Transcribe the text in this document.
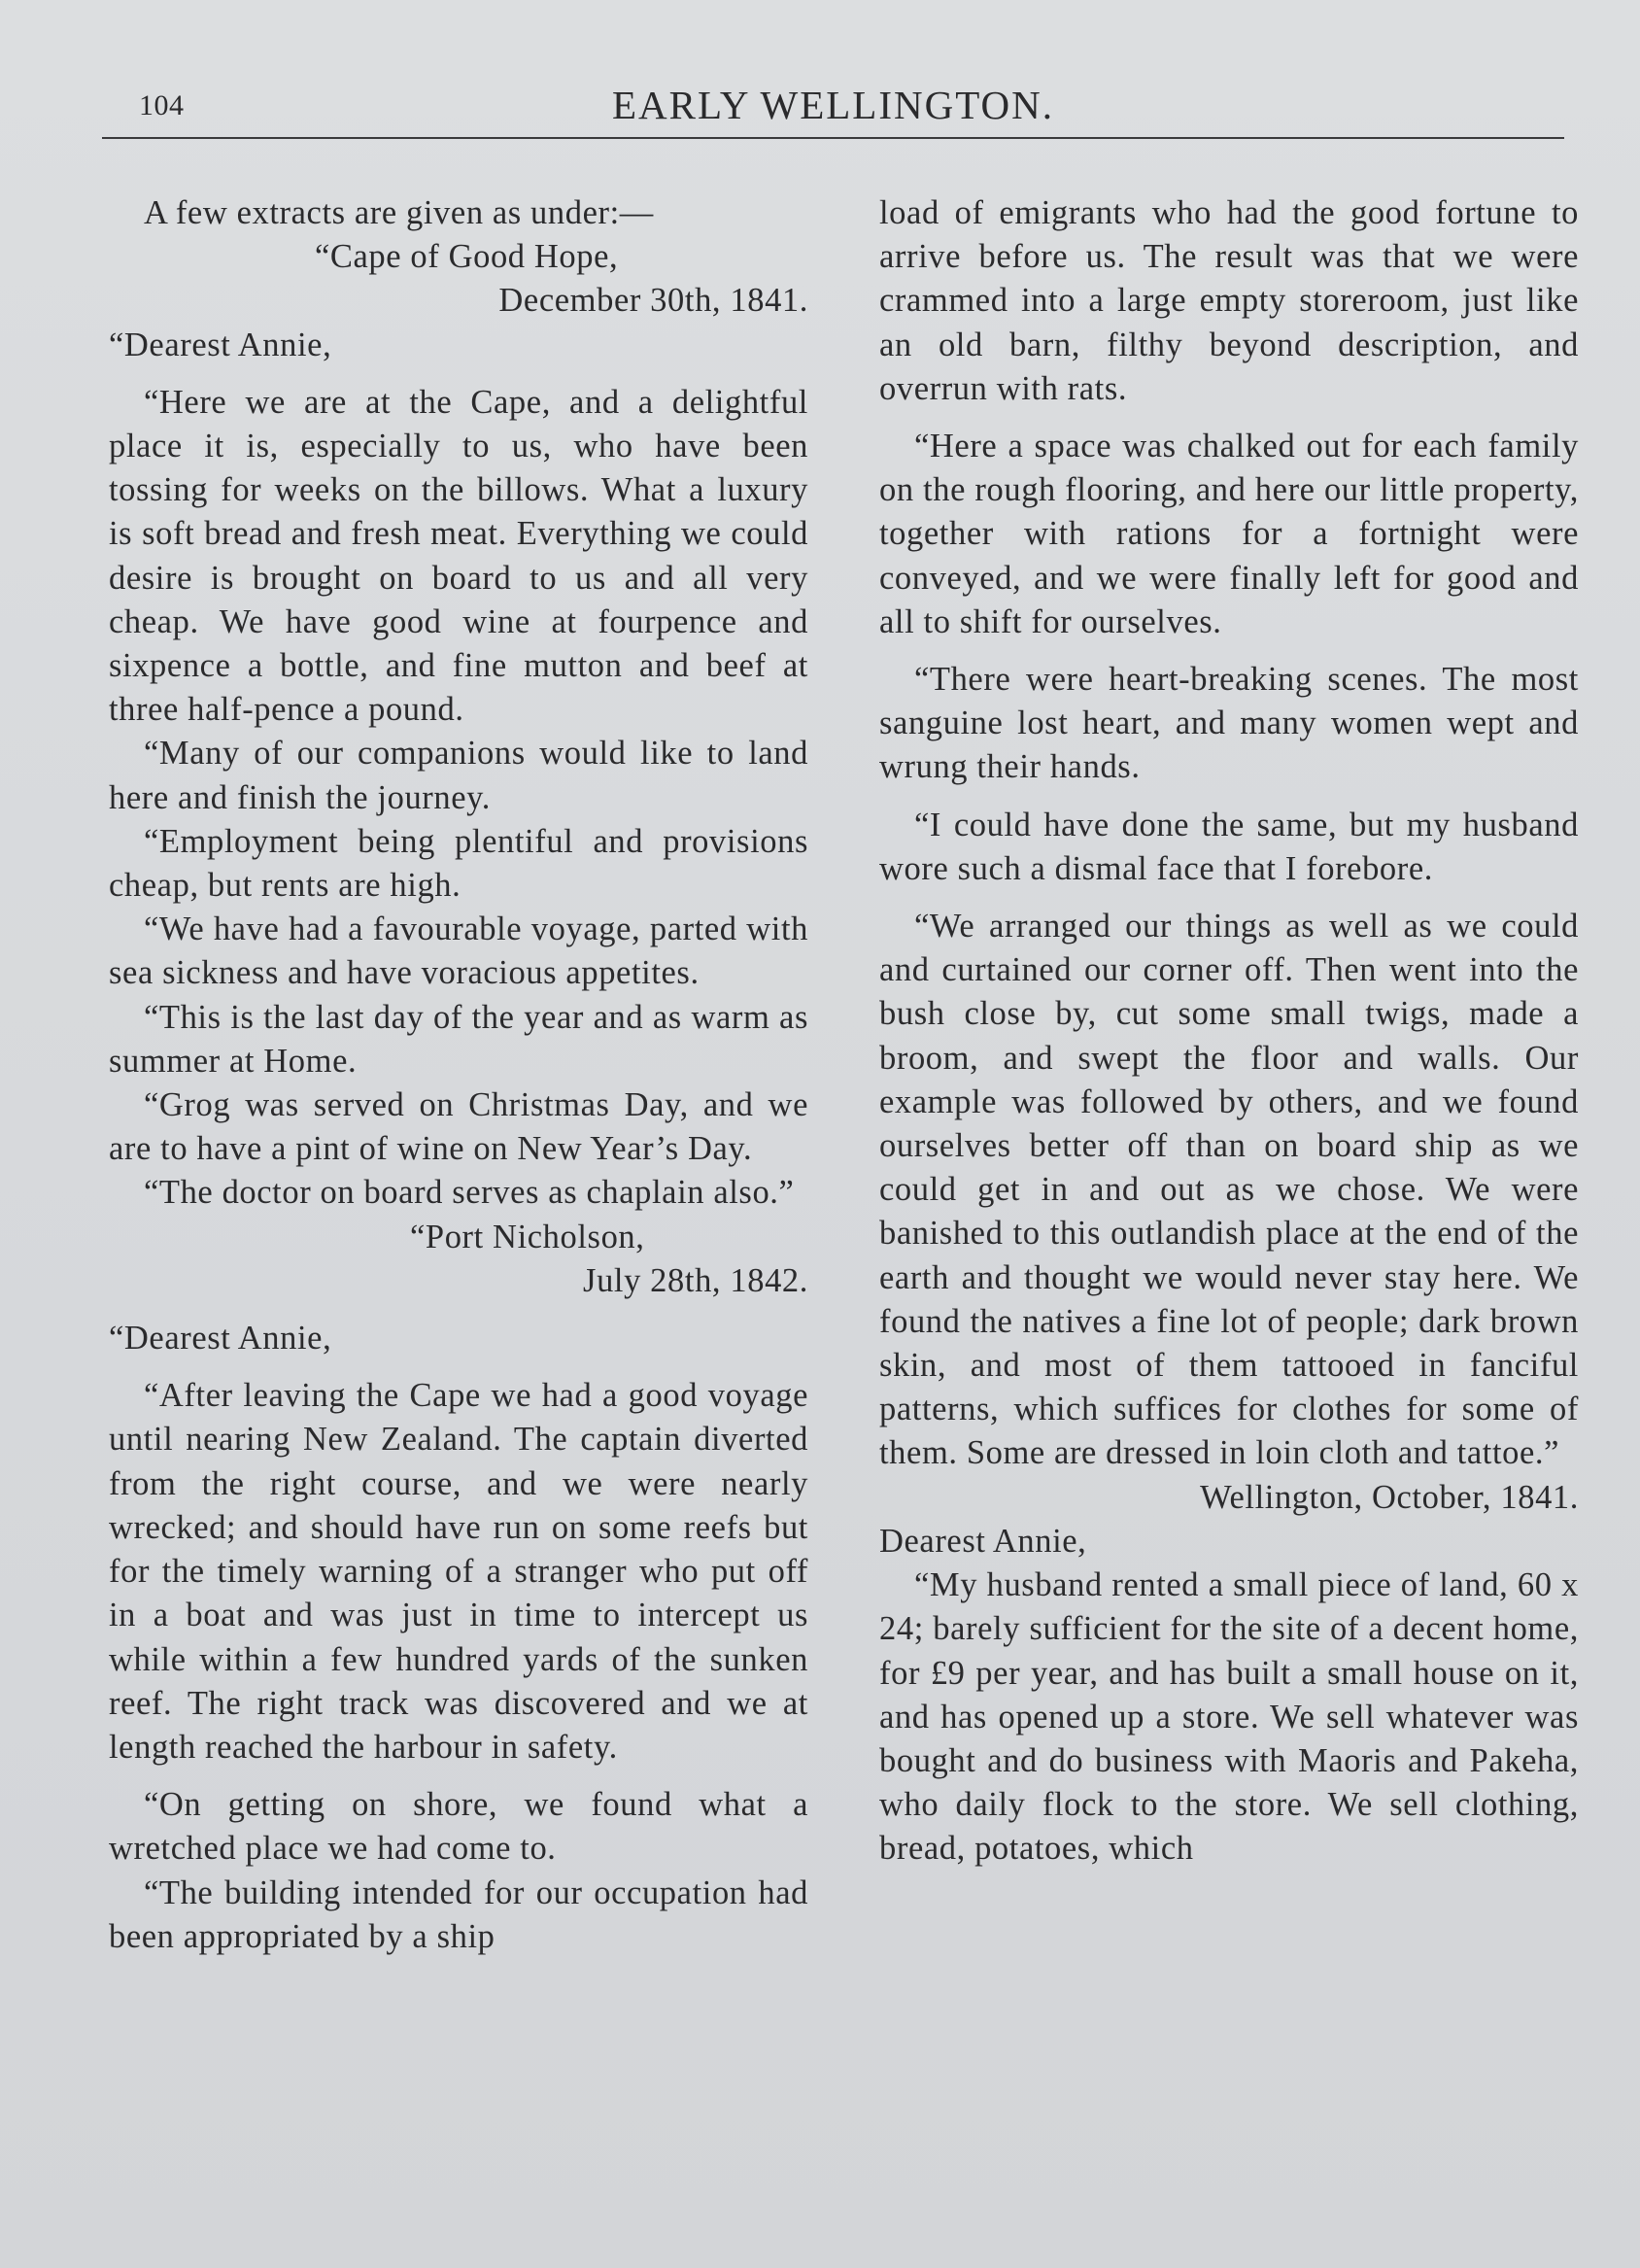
104	EARLY WELLINGTON.

A few extracts are given as under:—

“Cape of Good Hope,

December 30th, 1841.

“Dearest Annie,

“Here we are at the Cape, and a delightful place it is, especially to us, who have been tossing for weeks on the billows. What a luxury is soft bread and fresh meat. Everything we could desire is brought on board to us and all very cheap. We have good wine at fourpence and sixpence a bottle, and fine mutton and beef at three half-pence a pound.

“Many of our companions would like to land here and finish the journey.

“Employment being plentiful and provisions cheap, but rents are high.

“We have had a favourable voyage, parted with sea sickness and have voracious appetites.

“This is the last day of the year and as warm as summer at Home.

“Grog was served on Christmas Day, and we are to have a pint of wine on New Year’s Day.

“The doctor on board serves as chaplain also.”

“Port Nicholson,

July 28th, 1842.

“Dearest Annie,

“After leaving the Cape we had a good voyage until nearing New Zealand. The captain diverted from the right course, and we were nearly wrecked; and should have run on some reefs but for the timely warning of a stranger who put off in a boat and was just in time to intercept us while within a few hundred yards of the sunken reef. The right track was discovered and we at length reached the harbour in safety.

“On getting on shore, we found what a wretched place we had come to.

“The building intended for our occupation had been appropriated by a ship

load of emigrants who had the good fortune to arrive before us. The result was that we were crammed into a large empty storeroom, just like an old barn, filthy beyond description, and overrun with rats.

“Here a space was chalked out for each family on the rough flooring, and here our little property, together with rations for a fortnight were conveyed, and we were finally left for good and all to shift for ourselves.

“There were heart-breaking scenes. The most sanguine lost heart, and many women wept and wrung their hands.

“I could have done the same, but my husband wore such a dismal face that I forebore.

“We arranged our things as well as we could and curtained our corner off. Then went into the bush close by, cut some small twigs, made a broom, and swept the floor and walls. Our example was followed by others, and we found ourselves better off than on board ship as we could get in and out as we chose. We were banished to this outlandish place at the end of the earth and thought we would never stay here. We found the natives a fine lot of people; dark brown skin, and most of them tattooed in fanciful patterns, which suffices for clothes for some of them. Some are dressed in loin cloth and tattoe.”

Wellington, October, 1841.

Dearest Annie,

“My husband rented a small piece of land, 60 x 24; barely sufficient for the site of a decent home, for £9 per year, and has built a small house on it, and has opened up a store. We sell whatever was bought and do business with Maoris and Pakeha, who daily flock to the store. We sell clothing, bread, potatoes, which
